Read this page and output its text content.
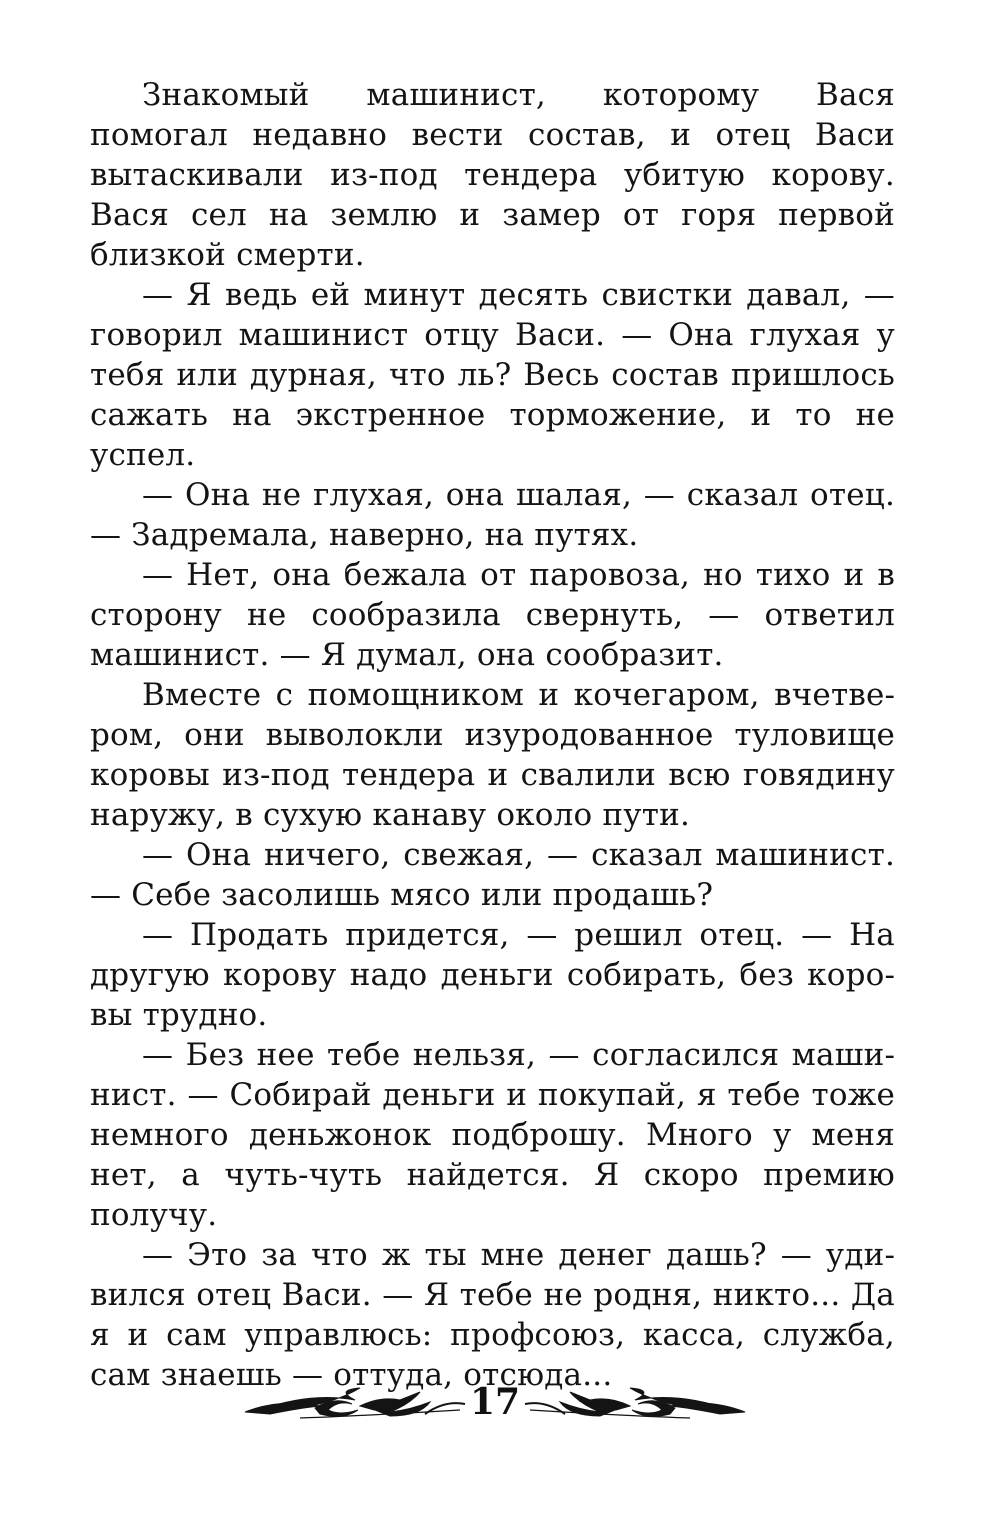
Знакомый машинист, которому Вася помогал недавно вести состав, и отец Васи вытаскивали из-под тендера убитую корову. Вася сел на землю и замер от горя первой близкой смерти.

— Я ведь ей минут десять свистки давал, — говорил машинист отцу Васи. — Она глухая у тебя или дурная, что ль? Весь состав пришлось сажать на экстренное торможение, и то не успел.

— Она не глухая, она шалая, — сказал отец. — Задремала, наверно, на путях.

— Нет, она бежала от паровоза, но тихо и в сторону не сообразила свернуть, — ответил машинист. — Я думал, она сообразит.

Вместе с помощником и кочегаром, вчетвером, они выволокли изуродованное туловище коровы из-под тендера и свалили всю говядину наружу, в сухую канаву около пути.

— Она ничего, свежая, — сказал машинист. — Себе засолишь мясо или продашь?

— Продать придется, — решил отец. — На другую корову надо деньги собирать, без коровы трудно.

— Без нее тебе нельзя, — согласился машинист. — Собирай деньги и покупай, я тебе тоже немного деньжонок подброшу. Много у меня нет, а чуть-чуть найдется. Я скоро премию получу.

— Это за что ж ты мне денег дашь? — удивился отец Васи. — Я тебе не родня, никто... Да я и сам управлюсь: профсоюз, касса, служба, сам знаешь — оттуда, отсюда...

17
